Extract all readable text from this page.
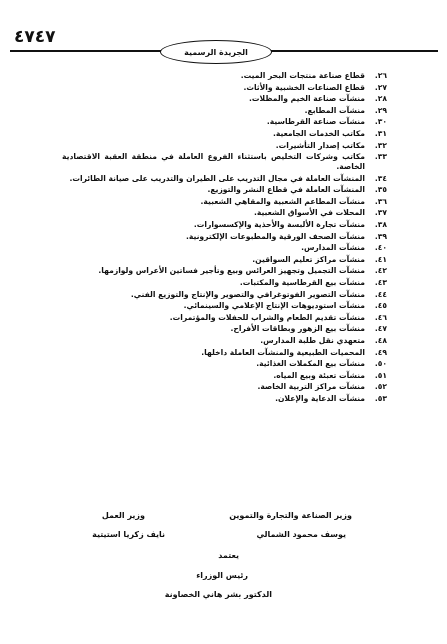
٤٧٤٧
الجريدة الرسمية
٢٦.
قطاع صناعة منتجات البحر الميت.
٢٧.
قطاع الصناعات الخشبية والأثاث.
٢٨.
منشآت صناعة الخيم والمظلات.
٢٩.
منشآت المطابع.
٣٠.
منشآت صناعة القرطاسية.
٣١.
مكاتب الخدمات الجامعية.
٣٢.
مكاتب إصدار التأشيرات.
٣٣.
مكاتب وشركات التخليص باستثناء الفروع العاملة في منطقة العقبة الاقتصادية الخاصة.
٣٤.
المنشآت العاملة في مجال التدريب على الطيران والتدريب على صيانة الطائرات.
٣٥.
المنشآت العاملة في قطاع النشر والتوزيع.
٣٦.
منشآت المطاعم الشعبية والمقاهي الشعبية.
٣٧.
المحلات في الأسواق الشعبية.
٣٨.
منشآت تجارة الألبسة والأحذية والإكسسوارات.
٣٩.
منشآت الصحف الورقية والمطبوعات الإلكترونية.
٤٠.
منشآت المدارس.
٤١.
منشآت مراكز تعليم السواقين.
٤٢.
منشآت التجميل وتجهيز العرائس وبيع وتأجير فساتين الأعراس ولوازمها.
٤٣.
منشآت بيع القرطاسية والمكتبات.
٤٤.
منشآت التصوير الفوتوغرافي والتصوير والإنتاج والتوزيع الفني.
٤٥.
منشآت استوديوهات الإنتاج الإعلامي والسينمائي.
٤٦.
منشآت تقديم الطعام والشراب للحفلات والمؤتمرات.
٤٧.
منشآت بيع الزهور وبطاقات الأفراح.
٤٨.
متعهدي نقل طلبة المدارس.
٤٩.
المحميات الطبيعية والمنشآت العاملة داخلها.
٥٠.
منشآت بيع المكملات الغذائية.
٥١.
منشآت تعبئة وبيع المياه.
٥٢.
منشآت مراكز التربية الخاصة.
٥٣.
منشآت الدعاية والإعلان.
وزير الصناعة والتجارة والتموين
وزير العمل
يوسف محمود الشمالي
نايف زكريا استيتية
يعتمد
رئيس الوزراء
الدكتور بشر هاني الخصاونة
